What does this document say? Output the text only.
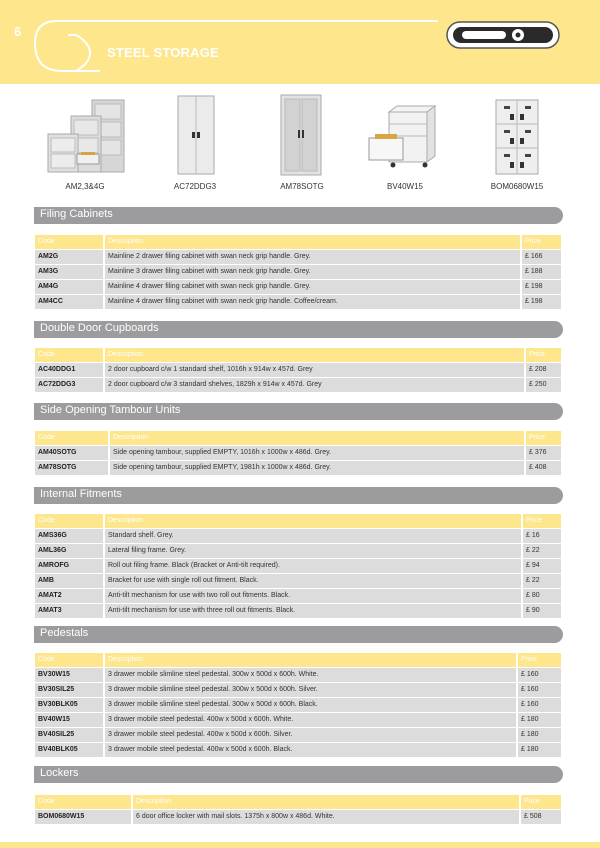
6
STEEL STORAGE
AM2,3&4G	AC72DDG3	AM78SOTG	BV40W15	BOM0680W15
Filing Cabinets
Code	Description	Price
AM2G	Mainline 2 drawer filing cabinet with swan neck grip handle. Grey.	£ 166
AM3G	Mainline 3 drawer filing cabinet with swan neck grip handle. Grey.	£ 188
AM4G	Mainline 4 drawer filing cabinet with swan neck grip handle. Grey.	£ 198
AM4CC	Mainline 4 drawer filing cabinet with swan neck grip handle. Coffee/cream.	£ 198
Double Door Cupboards
Code	Description	Price
AC40DDG1	2 door cupboard c/w 1 standard shelf, 1016h x 914w x 457d. Grey	£ 208
AC72DDG3	2 door cupboard c/w 3 standard shelves, 1829h x 914w x 457d. Grey	£ 250
Side Opening Tambour Units
Code	Description	Price
AM40SOTG	Side opening tambour, supplied EMPTY, 1016h x 1000w x 486d. Grey.	£ 376
AM78SOTG	Side opening tambour, supplied EMPTY, 1981h x 1000w x 486d. Grey.	£ 408
Internal Fitments
Code	Description	Price
AMS36G	Standard shelf. Grey.	£ 16
AML36G	Lateral filing frame. Grey.	£ 22
AMROFG	Roll out filing frame. Black (Bracket or Anti-tilt required).	£ 94
AMB	Bracket for use with single roll out fitment. Black.	£ 22
AMAT2	Anti-tilt mechanism for use with two roll out fitments. Black.	£ 80
AMAT3	Anti-tilt mechanism for use with three roll out fitments. Black.	£ 90
Pedestals
Code	Description	Price
BV30W15	3 drawer mobile slimline steel pedestal. 300w x 500d x 600h. White.	£ 160
BV30SIL25	3 drawer mobile slimline steel pedestal. 300w x 500d x 600h. Silver.	£ 160
BV30BLK05	3 drawer mobile slimline steel pedestal. 300w x 500d x 600h. Black.	£ 160
BV40W15	3 drawer mobile steel pedestal. 400w x 500d x 600h. White.	£ 180
BV40SIL25	3 drawer mobile steel pedestal. 400w x 500d x 600h. Silver.	£ 180
BV40BLK05	3 drawer mobile steel pedestal. 400w x 500d x 600h. Black.	£ 180
Lockers
Code	Description	Price
BOM0680W15	6 door office locker with mail slots. 1375h x 800w x 486d. White.	£ 508
